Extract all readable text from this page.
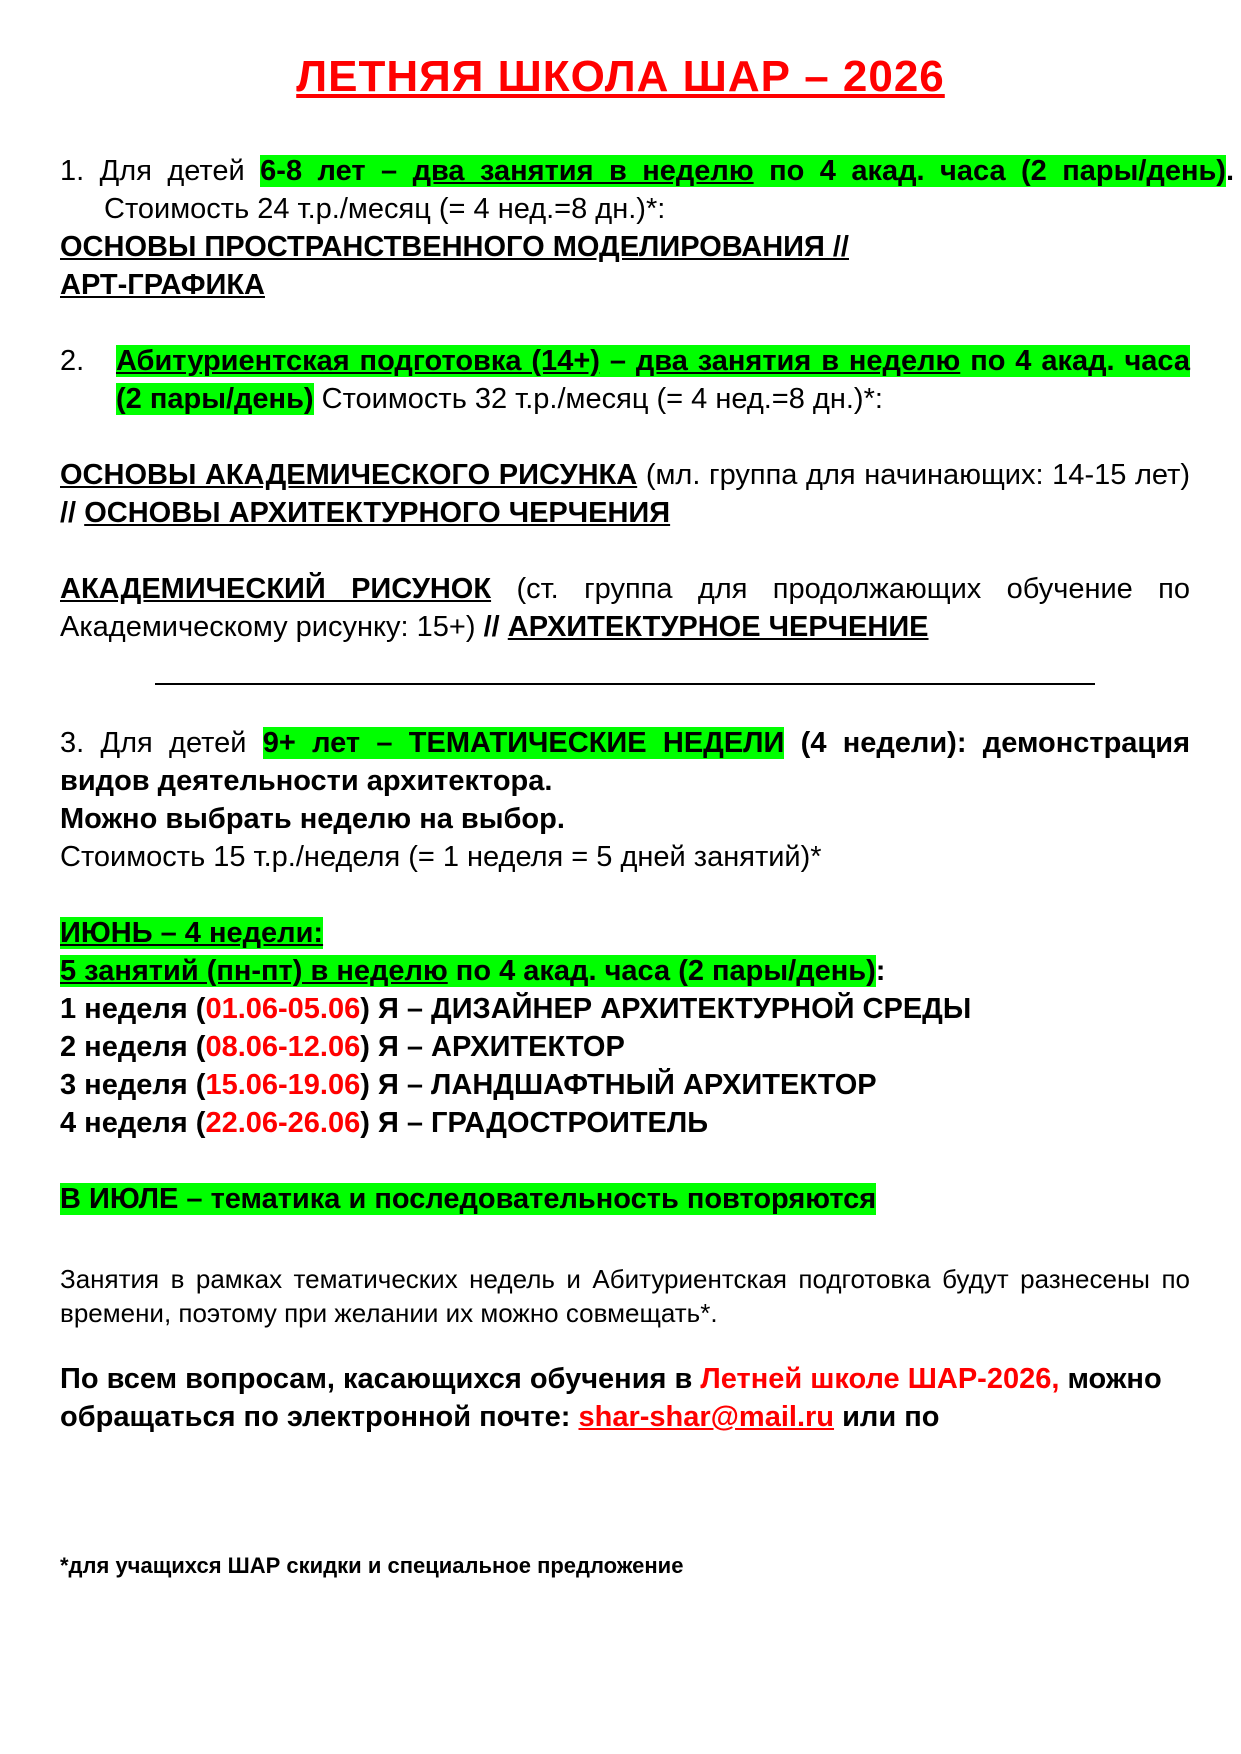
ЛЕТНЯЯ ШКОЛА ШАР – 2026
1. Для детей 6-8 лет – два занятия в неделю по 4 акад. часа (2 пары/день). Стоимость 24 т.р./месяц (= 4 нед.=8 дн.)*:
ОСНОВЫ ПРОСТРАНСТВЕННОГО МОДЕЛИРОВАНИЯ //
АРТ-ГРАФИКА
2. Абитуриентская подготовка (14+) – два занятия в неделю по 4 акад. часа (2 пары/день) Стоимость 32 т.р./месяц (= 4 нед.=8 дн.)*:
ОСНОВЫ АКАДЕМИЧЕСКОГО РИСУНКА (мл. группа для начинающих: 14-15 лет) // ОСНОВЫ АРХИТЕКТУРНОГО ЧЕРЧЕНИЯ
АКАДЕМИЧЕСКИЙ РИСУНОК (ст. группа для продолжающих обучение по Академическому рисунку: 15+) // АРХИТЕКТУРНОЕ ЧЕРЧЕНИЕ
3. Для детей 9+ лет – ТЕМАТИЧЕСКИЕ НЕДЕЛИ (4 недели): демонстрация видов деятельности архитектора.
Можно выбрать неделю на выбор.
Стоимость 15 т.р./неделя (= 1 неделя = 5 дней занятий)*
ИЮНЬ – 4 недели:
5 занятий (пн-пт) в неделю по 4 акад. часа (2 пары/день):
1 неделя (01.06-05.06) Я – ДИЗАЙНЕР АРХИТЕКТУРНОЙ СРЕДЫ
2 неделя (08.06-12.06) Я – АРХИТЕКТОР
3 неделя (15.06-19.06) Я – ЛАНДШАФТНЫЙ АРХИТЕКТОР
4 неделя (22.06-26.06) Я – ГРАДОСТРОИТЕЛЬ
В ИЮЛЕ – тематика и последовательность повторяются
Занятия в рамках тематических недель и Абитуриентская подготовка будут разнесены по времени, поэтому при желании их можно совмещать*.
По всем вопросам, касающихся обучения в Летней школе ШАР-2026, можно обращаться по электронной почте: shar-shar@mail.ru или по
*для учащихся ШАР скидки и специальное предложение
